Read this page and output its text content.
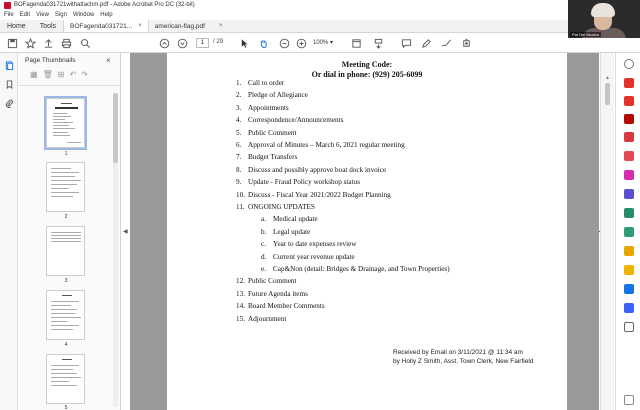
BOFagenda031721withattachm.pdf - Adobe Acrobat Pro DC (32-bit)
File Edit View Sign Window Help
Home	Tools	BOFagenda031721... × american-flag.pdf ×
1	/ 29	100% ▾
Pat Del Monico
Page Thumbnails	×
▦ 🗑 ⊞ ↶ ↷
1
2
3
4
5
◀
Meeting Code:
Or dial in phone: (929) 205-6099
1. Call to order
2. Pledge of Allegiance
3. Appointments
4. Correspondence/Announcements
5. Public Comment
6. Approval of Minutes – March 6, 2021 regular meeting
7. Budget Transfers
8. Discuss and possibly approve boat dock invoice
9. Update - Fraud Policy workshop status
10. Discuss - Fiscal Year 2021/2022 Budget Planning
11. ONGOING UPDATES
a. Medical update
b. Legal update
c. Year to date expenses review
d. Current year revenue update
e. Cap&Non (detail: Bridges & Drainage, and Town Properties)
12. Public Comment
13. Future Agenda items
14. Board Member Comments
15. Adjournment
Received by Email on 3/11/2021 @ 11:34 am
by Holly Z Smith, Asst. Town Clerk, New Fairfield
▲
